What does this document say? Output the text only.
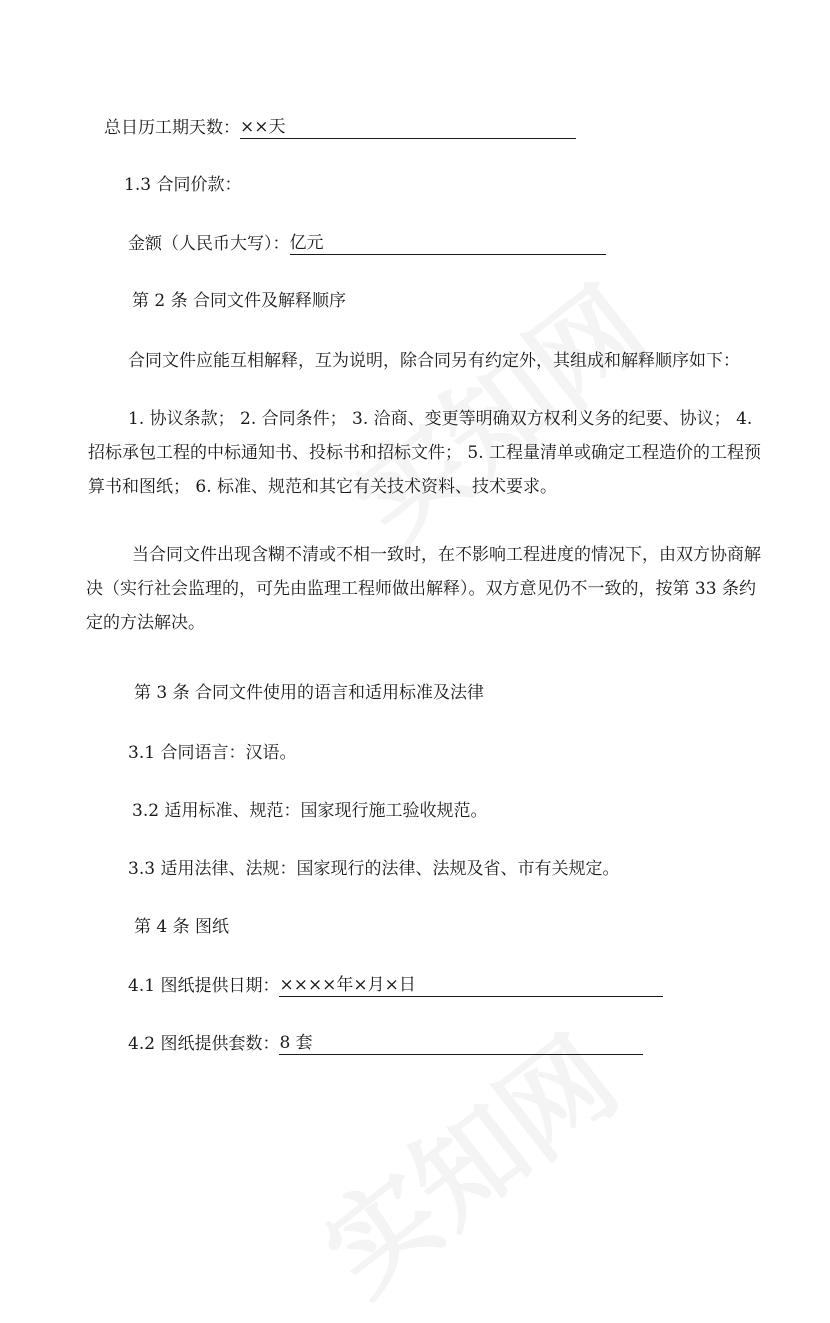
总日历工期天数：××天
1.3 合同价款：
金额（人民币大写）：亿元
第 2 条 合同文件及解释顺序
合同文件应能互相解释，互为说明，除合同另有约定外，其组成和解释顺序如下：
1. 协议条款； 2. 合同条件； 3. 洽商、变更等明确双方权利义务的纪要、协议； 4. 招标承包工程的中标通知书、投标书和招标文件； 5. 工程量清单或确定工程造价的工程预算书和图纸； 6. 标准、规范和其它有关技术资料、技术要求。
当合同文件出现含糊不清或不相一致时，在不影响工程进度的情况下，由双方协商解决（实行社会监理的，可先由监理工程师做出解释）。双方意见仍不一致的，按第 33 条约定的方法解决。
第 3 条 合同文件使用的语言和适用标准及法律
3.1 合同语言：汉语。
3.2 适用标准、规范：国家现行施工验收规范。
3.3 适用法律、法规：国家现行的法律、法规及省、市有关规定。
第 4 条 图纸
4.1 图纸提供日期：××××年×月×日
4.2 图纸提供套数：8 套
